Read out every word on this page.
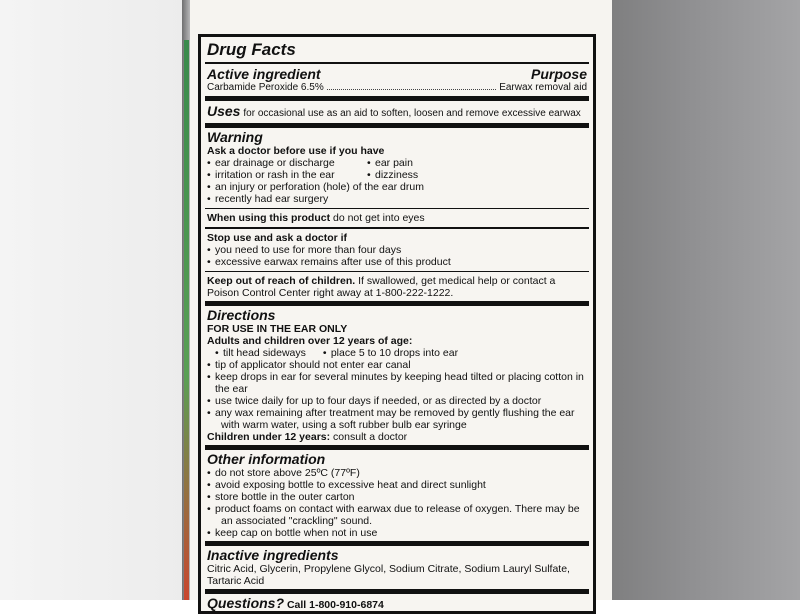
Drug Facts
Active ingredient	Purpose
Carbamide Peroxide 6.5%	Earwax removal aid
Uses for occasional use as an aid to soften, loosen and remove excessive earwax
Warning
Ask a doctor before use if you have
• ear drainage or discharge
• irritation or rash in the ear
• ear pain
• dizziness
• an injury or perforation (hole) of the ear drum
• recently had ear surgery
When using this product do not get into eyes
Stop use and ask a doctor if
• you need to use for more than four days
• excessive earwax remains after use of this product
Keep out of reach of children. If swallowed, get medical help or contact a Poison Control Center right away at 1-800-222-1222.
Directions
FOR USE IN THE EAR ONLY
Adults and children over 12 years of age:
• tilt head sideways • place 5 to 10 drops into ear
• tip of applicator should not enter ear canal
• keep drops in ear for several minutes by keeping head tilted or placing cotton in the ear
• use twice daily for up to four days if needed, or as directed by a doctor
• any wax remaining after treatment may be removed by gently flushing the ear
with warm water, using a soft rubber bulb ear syringe
Children under 12 years: consult a doctor
Other information
• do not store above 25ºC (77ºF)
• avoid exposing bottle to excessive heat and direct sunlight
• store bottle in the outer carton
• product foams on contact with earwax due to release of oxygen. There may be
an associated "crackling" sound.
• keep cap on bottle when not in use
Inactive ingredients
Citric Acid, Glycerin, Propylene Glycol, Sodium Citrate, Sodium Lauryl Sulfate, Tartaric Acid
Questions? Call 1-800-910-6874
